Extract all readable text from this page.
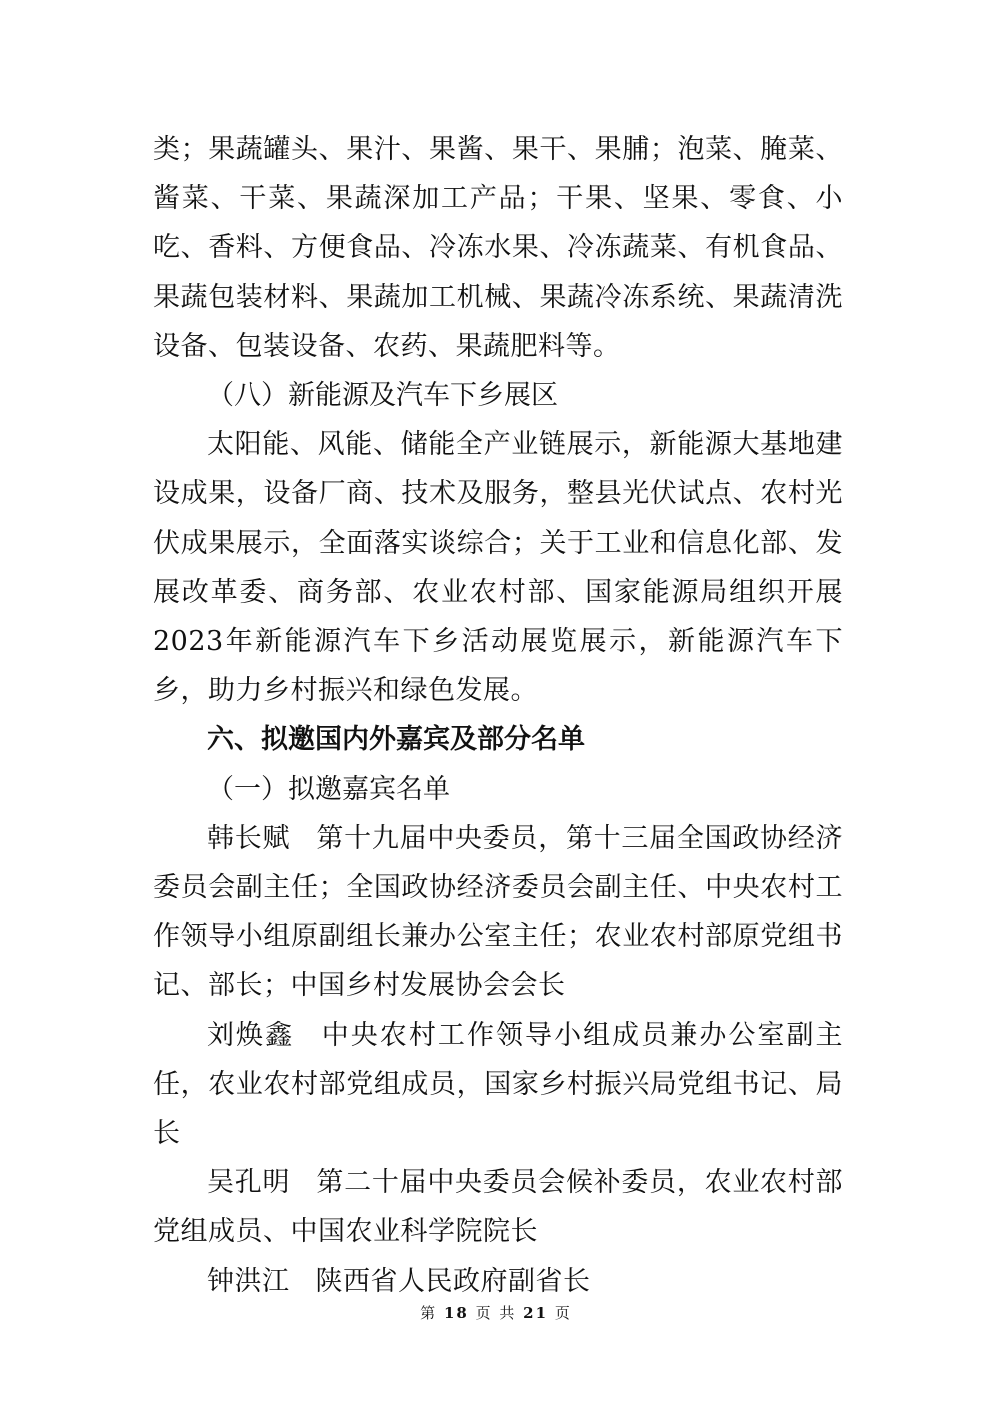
类；果蔬罐头、果汁、果酱、果干、果脯；泡菜、腌菜、酱菜、干菜、果蔬深加工产品；干果、坚果、零食、小吃、香料、方便食品、冷冻水果、冷冻蔬菜、有机食品、果蔬包装材料、果蔬加工机械、果蔬冷冻系统、果蔬清洗设备、包装设备、农药、果蔬肥料等。

（八）新能源及汽车下乡展区

太阳能、风能、储能全产业链展示，新能源大基地建设成果，设备厂商、技术及服务，整县光伏试点、农村光伏成果展示，全面落实谈综合；关于工业和信息化部、发展改革委、商务部、农业农村部、国家能源局组织开展2023年新能源汽车下乡活动展览展示，新能源汽车下乡，助力乡村振兴和绿色发展。

六、拟邀国内外嘉宾及部分名单

（一）拟邀嘉宾名单

韩长赋 第十九届中央委员，第十三届全国政协经济委员会副主任；全国政协经济委员会副主任、中央农村工作领导小组原副组长兼办公室主任；农业农村部原党组书记、部长；中国乡村发展协会会长

刘焕鑫 中央农村工作领导小组成员兼办公室副主任，农业农村部党组成员，国家乡村振兴局党组书记、局长

吴孔明 第二十届中央委员会候补委员，农业农村部党组成员、中国农业科学院院长

钟洪江 陕西省人民政府副省长

第 18 页 共 21 页
